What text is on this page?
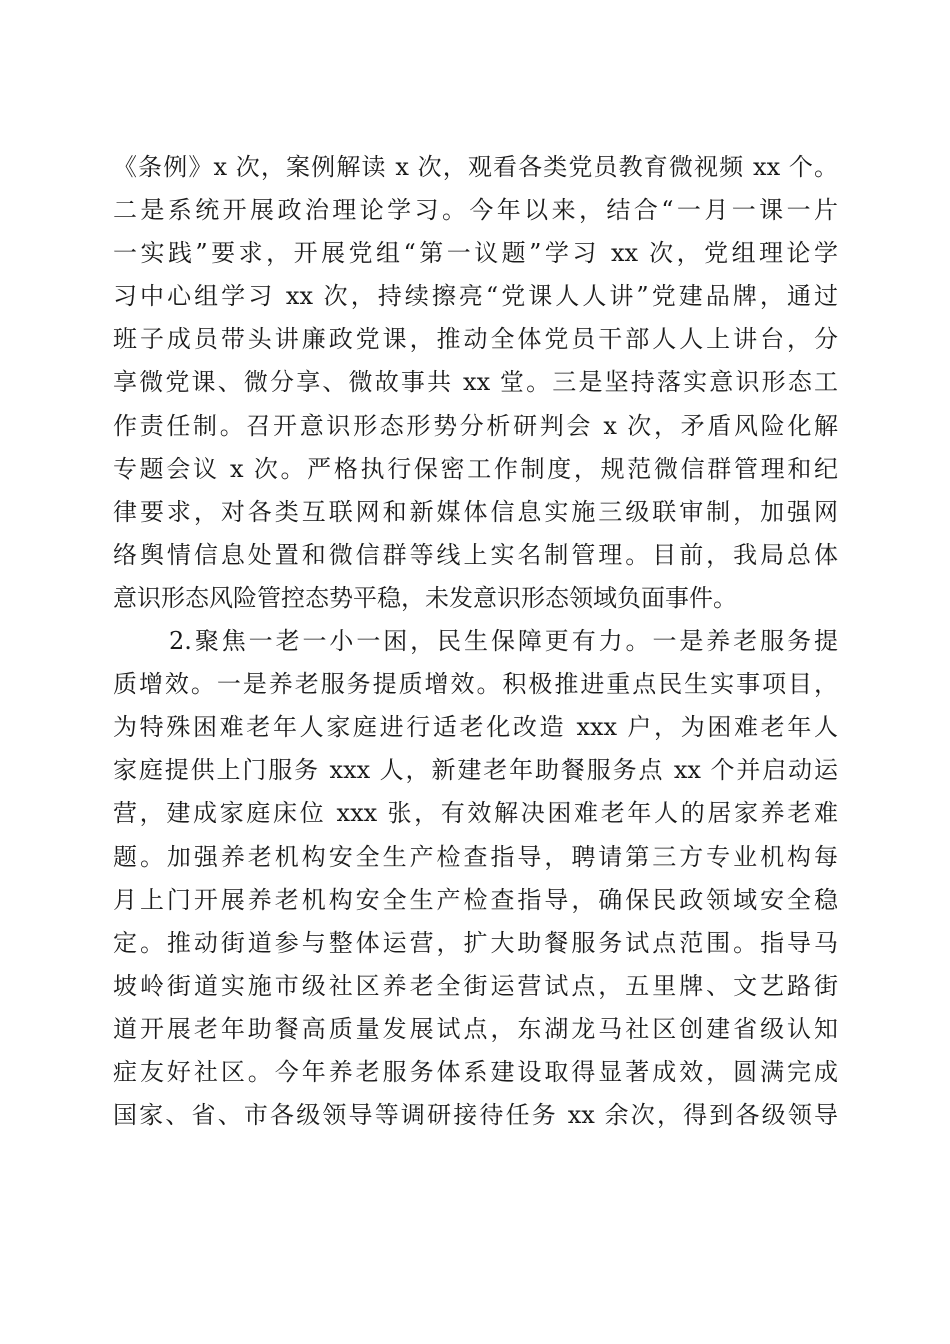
《条例》x 次，案例解读 x 次，观看各类党员教育微视频 xx 个。
二是系统开展政治理论学习。今年以来，结合“一月一课一片
一实践”要求，开展党组“第一议题”学习 xx 次，党组理论学
习中心组学习 xx 次，持续擦亮“党课人人讲”党建品牌，通过
班子成员带头讲廉政党课，推动全体党员干部人人上讲台，分
享微党课、微分享、微故事共 xx 堂。三是坚持落实意识形态工
作责任制。召开意识形态形势分析研判会 x 次，矛盾风险化解
专题会议 x 次。严格执行保密工作制度，规范微信群管理和纪
律要求，对各类互联网和新媒体信息实施三级联审制，加强网
络舆情信息处置和微信群等线上实名制管理。目前，我局总体
意识形态风险管控态势平稳，未发意识形态领域负面事件。
2.聚焦一老一小一困，民生保障更有力。一是养老服务提
质增效。一是养老服务提质增效。积极推进重点民生实事项目，
为特殊困难老年人家庭进行适老化改造 xxx 户，为困难老年人
家庭提供上门服务 xxx 人，新建老年助餐服务点 xx 个并启动运
营，建成家庭床位 xxx 张，有效解决困难老年人的居家养老难
题。加强养老机构安全生产检查指导，聘请第三方专业机构每
月上门开展养老机构安全生产检查指导，确保民政领域安全稳
定。推动街道参与整体运营，扩大助餐服务试点范围。指导马
坡岭街道实施市级社区养老全街运营试点，五里牌、文艺路街
道开展老年助餐高质量发展试点，东湖龙马社区创建省级认知
症友好社区。今年养老服务体系建设取得显著成效，圆满完成
国家、省、市各级领导等调研接待任务 xx 余次，得到各级领导
